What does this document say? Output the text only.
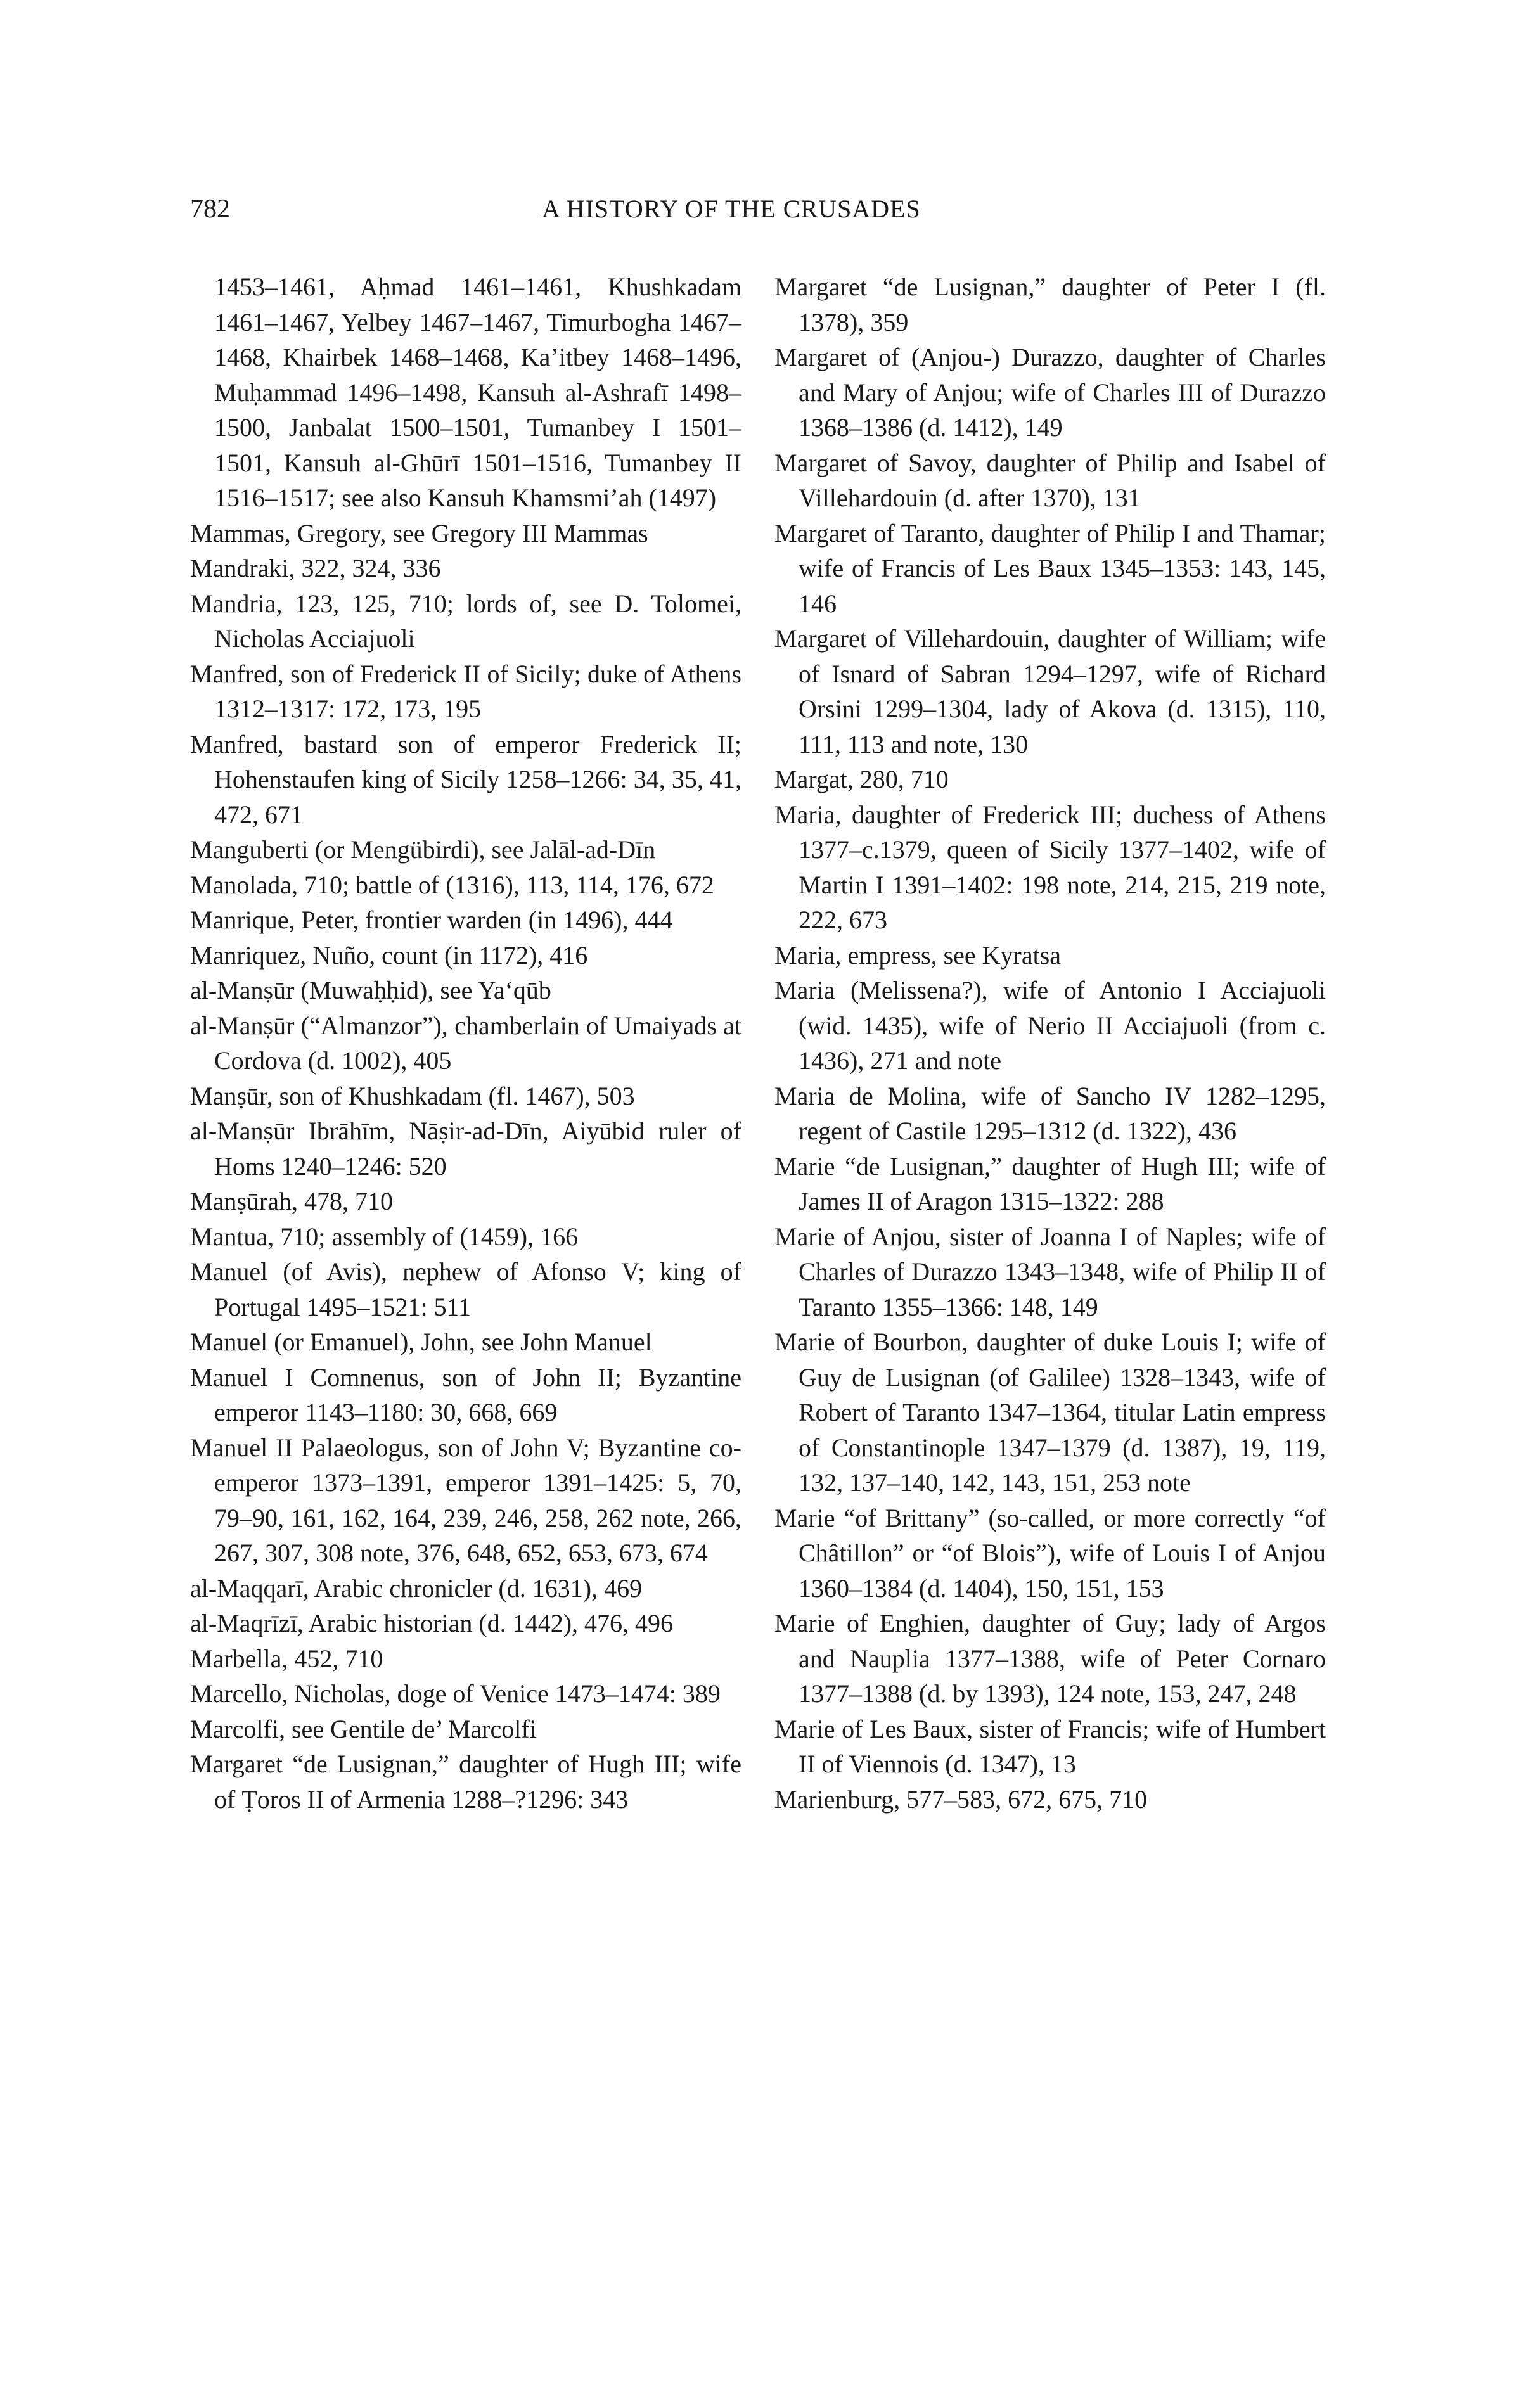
782	A HISTORY OF THE CRUSADES

1453–1461, Aḥmad 1461–1461, Khushkadam 1461–1467, Yelbey 1467–1467, Timurbogha 1467–1468, Khairbek 1468–1468, Ka’itbey 1468–1496, Muḥammad 1496–1498, Kansuh al-Ashrafī 1498–1500, Janbalat 1500–1501, Tumanbey I 1501–1501, Kansuh al-Ghūrī 1501–1516, Tumanbey II 1516–1517; see also Kansuh Khamsmi’ah (1497)

Mammas, Gregory, see Gregory III Mammas

Mandraki, 322, 324, 336

Mandria, 123, 125, 710; lords of, see D. Tolomei, Nicholas Acciajuoli

Manfred, son of Frederick II of Sicily; duke of Athens 1312–1317: 172, 173, 195

Manfred, bastard son of emperor Frederick II; Hohenstaufen king of Sicily 1258–1266: 34, 35, 41, 472, 671

Manguberti (or Mengübirdi), see Jalāl-ad-Dīn

Manolada, 710; battle of (1316), 113, 114, 176, 672

Manrique, Peter, frontier warden (in 1496), 444

Manriquez, Nuño, count (in 1172), 416

al-Manṣūr (Muwaḥḥid), see Ya‘qūb

al-Manṣūr (“Almanzor”), chamberlain of Umaiyads at Cordova (d. 1002), 405

Manṣūr, son of Khushkadam (fl. 1467), 503

al-Manṣūr Ibrāhīm, Nāṣir-ad-Dīn, Aiyūbid ruler of Homs 1240–1246: 520

Manṣūrah, 478, 710

Mantua, 710; assembly of (1459), 166

Manuel (of Avis), nephew of Afonso V; king of Portugal 1495–1521: 511

Manuel (or Emanuel), John, see John Manuel

Manuel I Comnenus, son of John II; Byzantine emperor 1143–1180: 30, 668, 669

Manuel II Palaeologus, son of John V; Byzantine co-emperor 1373–1391, emperor 1391–1425: 5, 70, 79–90, 161, 162, 164, 239, 246, 258, 262 note, 266, 267, 307, 308 note, 376, 648, 652, 653, 673, 674

al-Maqqarī, Arabic chronicler (d. 1631), 469

al-Maqrīzī, Arabic historian (d. 1442), 476, 496

Marbella, 452, 710

Marcello, Nicholas, doge of Venice 1473–1474: 389

Marcolfi, see Gentile de’ Marcolfi

Margaret “de Lusignan,” daughter of Hugh III; wife of Ṭoros II of Armenia 1288–?1296: 343

Margaret “de Lusignan,” daughter of Peter I (fl. 1378), 359

Margaret of (Anjou-) Durazzo, daughter of Charles and Mary of Anjou; wife of Charles III of Durazzo 1368–1386 (d. 1412), 149

Margaret of Savoy, daughter of Philip and Isabel of Villehardouin (d. after 1370), 131

Margaret of Taranto, daughter of Philip I and Thamar; wife of Francis of Les Baux 1345–1353: 143, 145, 146

Margaret of Villehardouin, daughter of William; wife of Isnard of Sabran 1294–1297, wife of Richard Orsini 1299–1304, lady of Akova (d. 1315), 110, 111, 113 and note, 130

Margat, 280, 710

Maria, daughter of Frederick III; duchess of Athens 1377–c.1379, queen of Sicily 1377–1402, wife of Martin I 1391–1402: 198 note, 214, 215, 219 note, 222, 673

Maria, empress, see Kyratsa

Maria (Melissena?), wife of Antonio I Acciajuoli (wid. 1435), wife of Nerio II Acciajuoli (from c. 1436), 271 and note

Maria de Molina, wife of Sancho IV 1282–1295, regent of Castile 1295–1312 (d. 1322), 436

Marie “de Lusignan,” daughter of Hugh III; wife of James II of Aragon 1315–1322: 288

Marie of Anjou, sister of Joanna I of Naples; wife of Charles of Durazzo 1343–1348, wife of Philip II of Taranto 1355–1366: 148, 149

Marie of Bourbon, daughter of duke Louis I; wife of Guy de Lusignan (of Galilee) 1328–1343, wife of Robert of Taranto 1347–1364, titular Latin empress of Constantinople 1347–1379 (d. 1387), 19, 119, 132, 137–140, 142, 143, 151, 253 note

Marie “of Brittany” (so-called, or more correctly “of Châtillon” or “of Blois”), wife of Louis I of Anjou 1360–1384 (d. 1404), 150, 151, 153

Marie of Enghien, daughter of Guy; lady of Argos and Nauplia 1377–1388, wife of Peter Cornaro 1377–1388 (d. by 1393), 124 note, 153, 247, 248

Marie of Les Baux, sister of Francis; wife of Humbert II of Viennois (d. 1347), 13

Marienburg, 577–583, 672, 675, 710
